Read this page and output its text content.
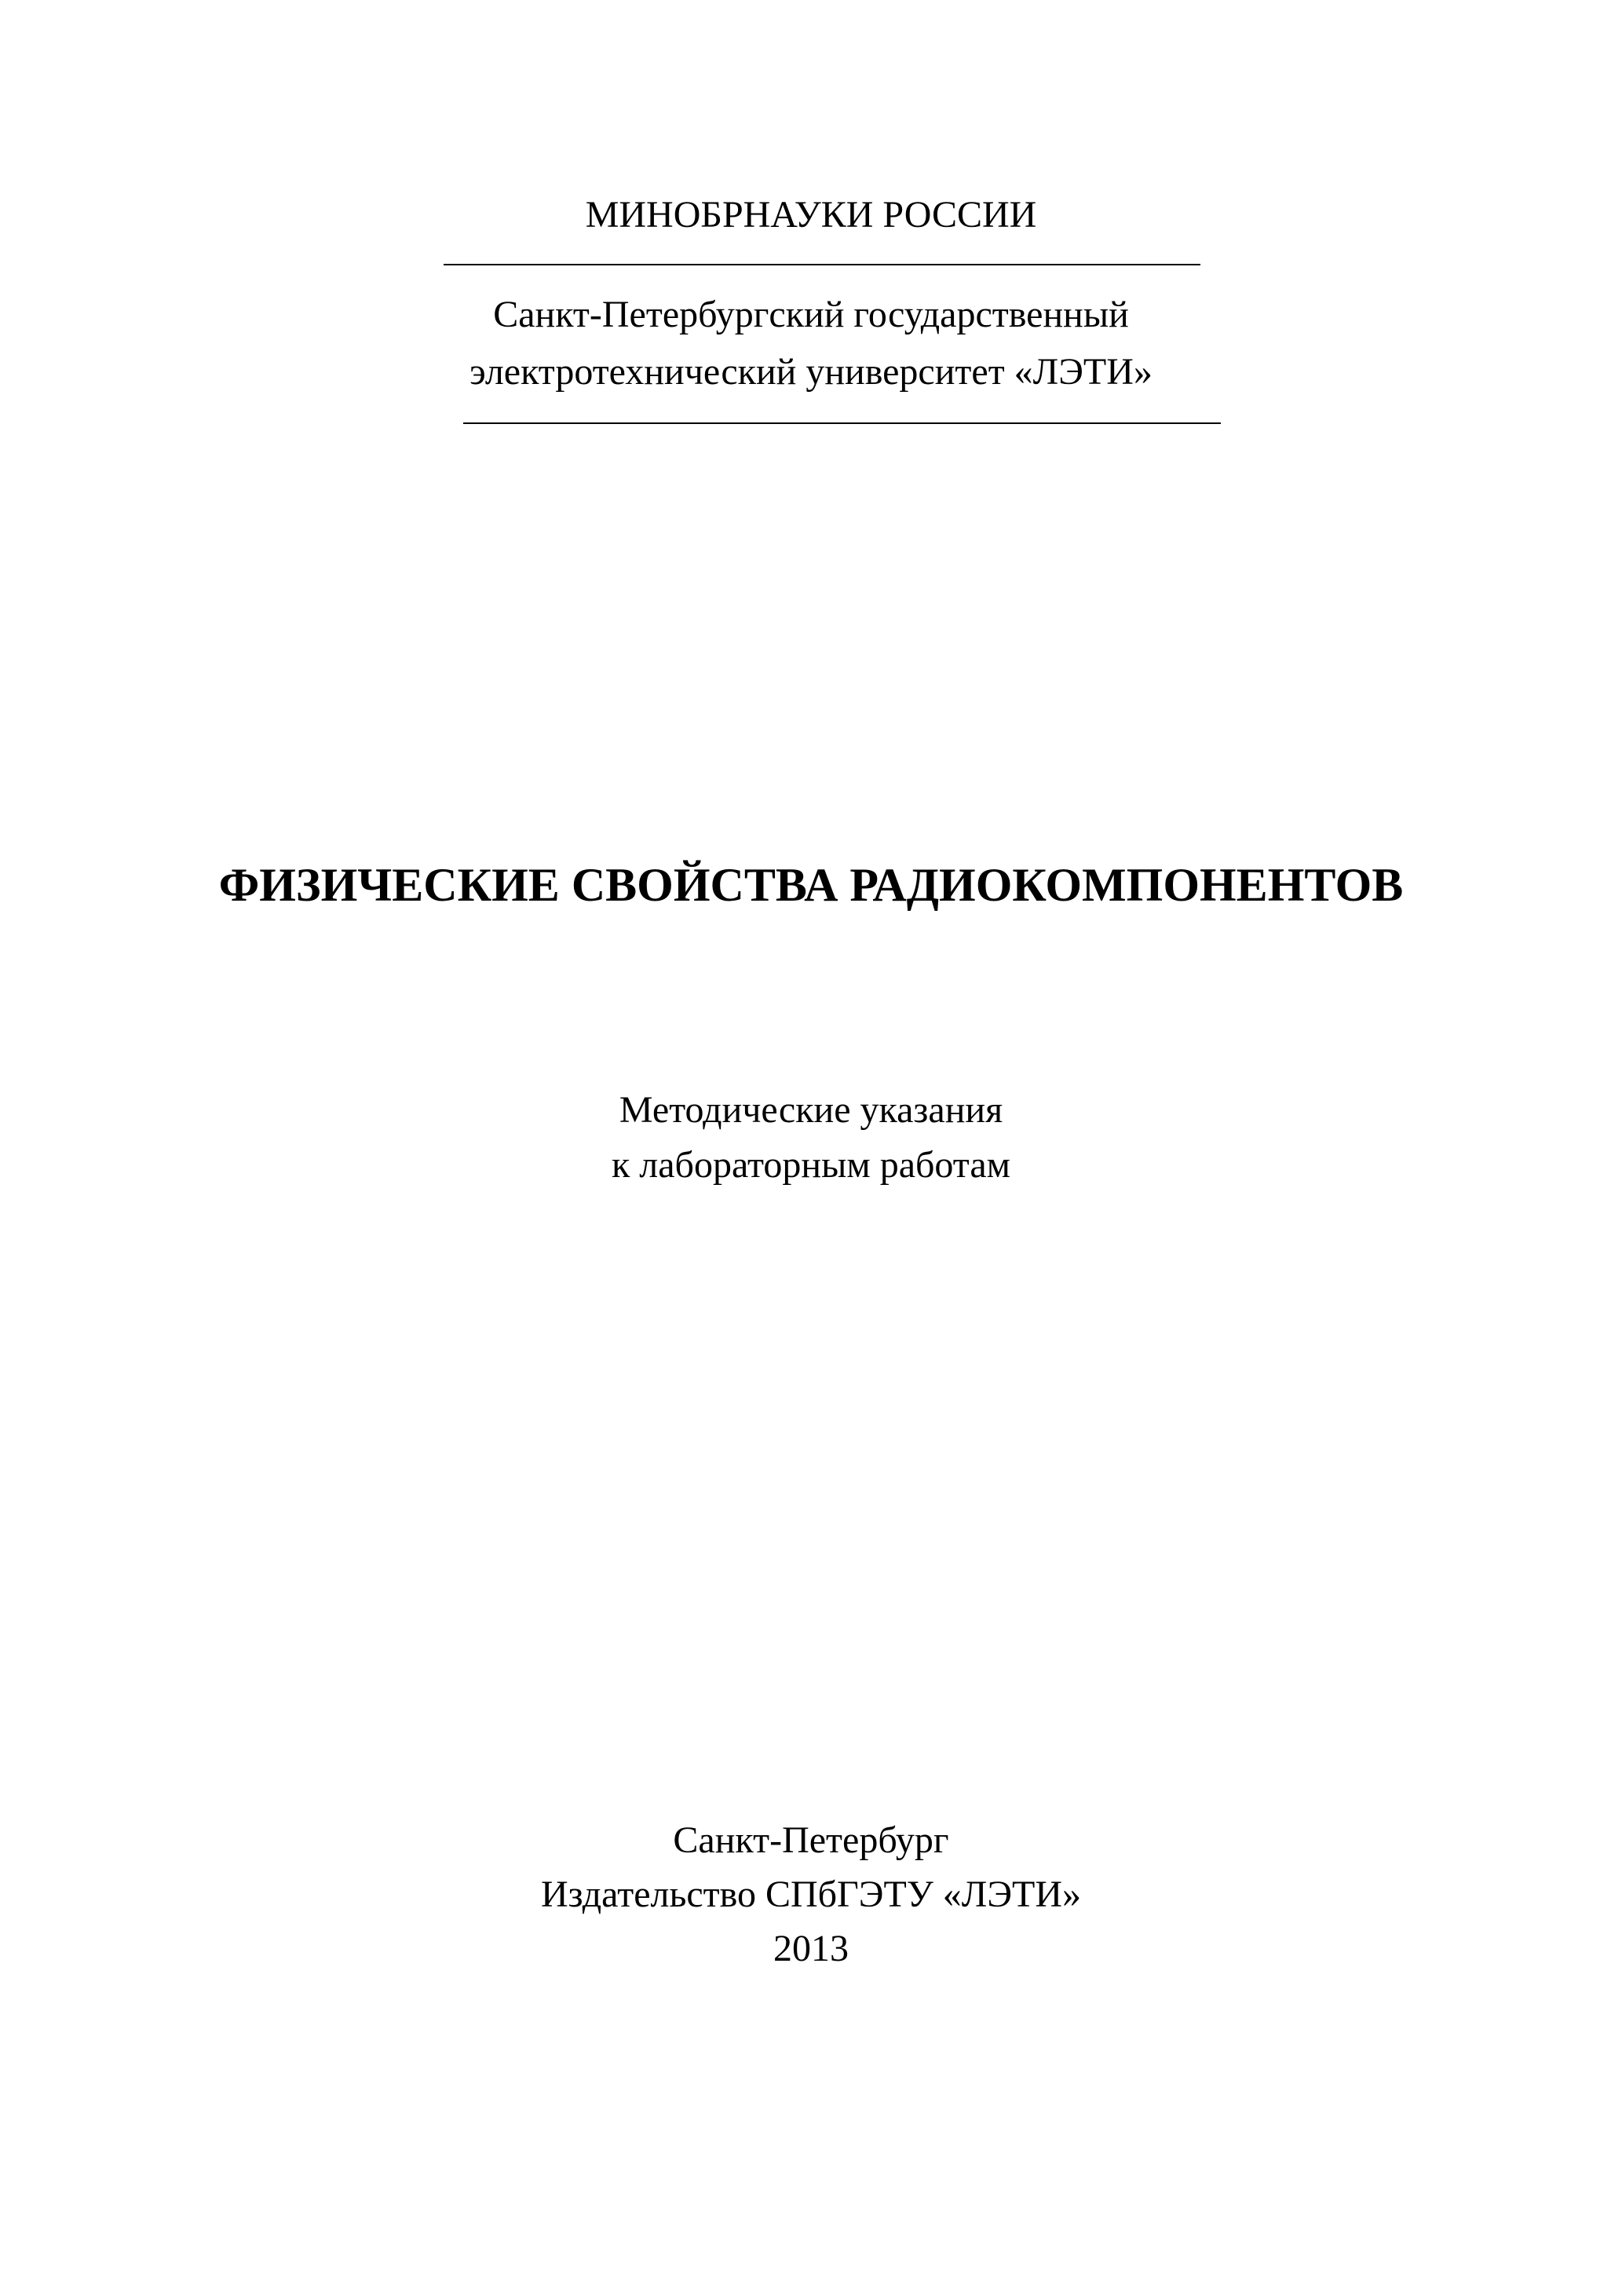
МИНОБРНАУКИ РОССИИ
Санкт-Петербургский государственный
электротехнический университет «ЛЭТИ»
ФИЗИЧЕСКИЕ СВОЙСТВА РАДИОКОМПОНЕНТОВ
Методические указания
к лабораторным работам
Санкт-Петербург
Издательство СПбГЭТУ «ЛЭТИ»
2013
